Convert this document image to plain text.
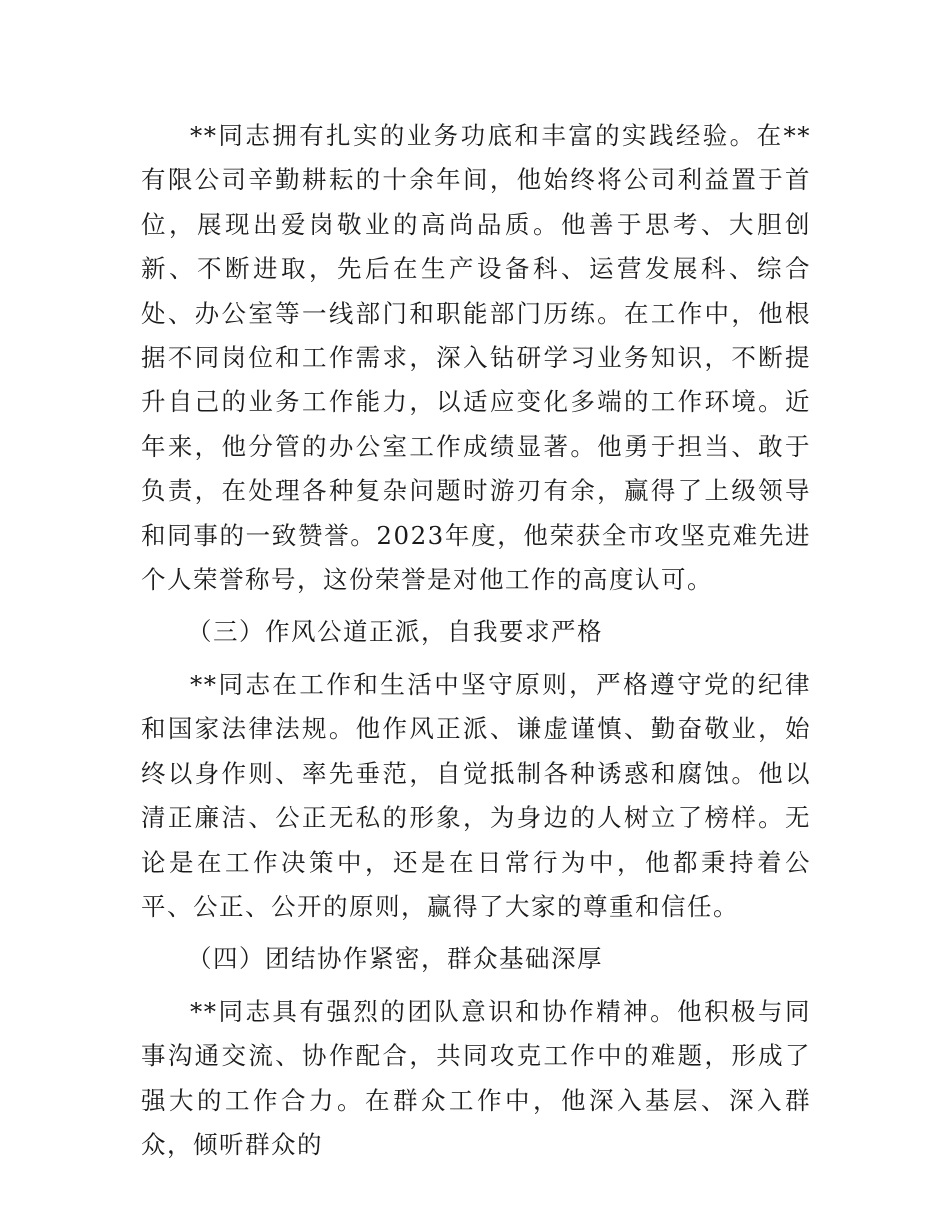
**同志拥有扎实的业务功底和丰富的实践经验。在**有限公司辛勤耕耘的十余年间，他始终将公司利益置于首位，展现出爱岗敬业的高尚品质。他善于思考、大胆创新、不断进取，先后在生产设备科、运营发展科、综合处、办公室等一线部门和职能部门历练。在工作中，他根据不同岗位和工作需求，深入钻研学习业务知识，不断提升自己的业务工作能力，以适应变化多端的工作环境。近年来，他分管的办公室工作成绩显著。他勇于担当、敢于负责，在处理各种复杂问题时游刃有余，赢得了上级领导和同事的一致赞誉。2023年度，他荣获全市攻坚克难先进个人荣誉称号，这份荣誉是对他工作的高度认可。

（三）作风公道正派，自我要求严格

**同志在工作和生活中坚守原则，严格遵守党的纪律和国家法律法规。他作风正派、谦虚谨慎、勤奋敬业，始终以身作则、率先垂范，自觉抵制各种诱惑和腐蚀。他以清正廉洁、公正无私的形象，为身边的人树立了榜样。无论是在工作决策中，还是在日常行为中，他都秉持着公平、公正、公开的原则，赢得了大家的尊重和信任。

（四）团结协作紧密，群众基础深厚

**同志具有强烈的团队意识和协作精神。他积极与同事沟通交流、协作配合，共同攻克工作中的难题，形成了强大的工作合力。在群众工作中，他深入基层、深入群众，倾听群众的
